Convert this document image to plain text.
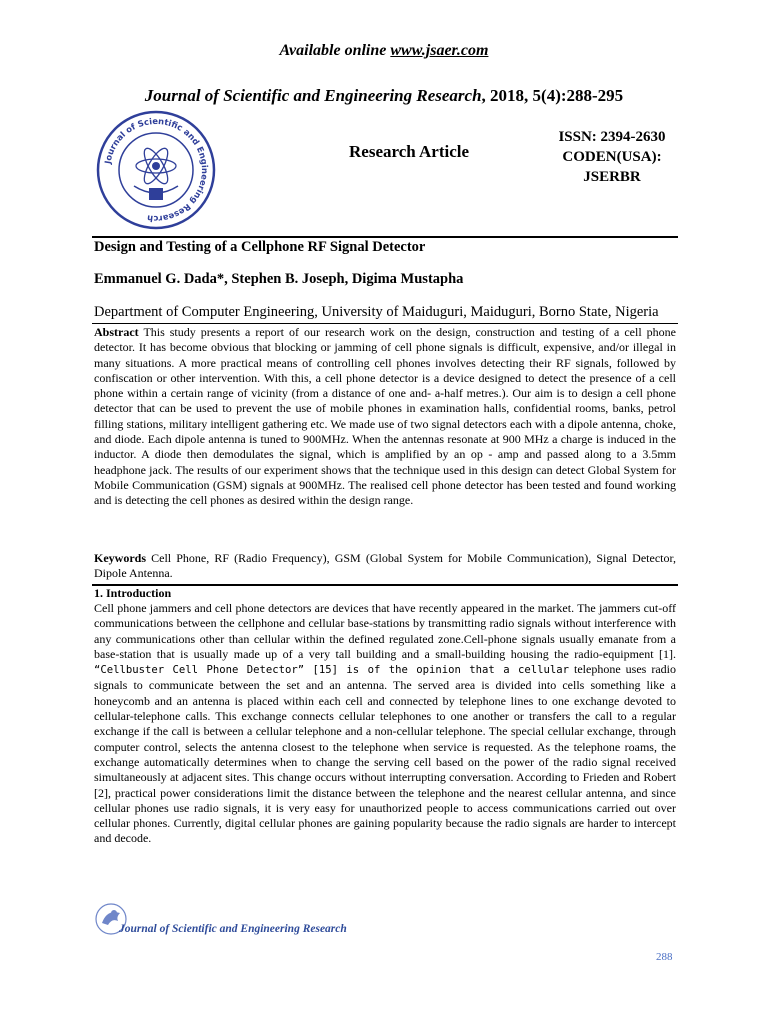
Available online www.jsaer.com
Journal of Scientific and Engineering Research, 2018, 5(4):288-295
Journal of Scientific and Engineering Research
Research Article
ISSN: 2394-2630
CODEN(USA): JSERBR
Design and Testing of a Cellphone RF Signal Detector
Emmanuel G. Dada*, Stephen B. Joseph, Digima Mustapha
Department of Computer Engineering, University of Maiduguri, Maiduguri, Borno State, Nigeria
Abstract This study presents a report of our research work on the design, construction and testing of a cell phone detector. It has become obvious that blocking or jamming of cell phone signals is difficult, expensive, and/or illegal in many situations. A more practical means of controlling cell phones involves detecting their RF signals, followed by confiscation or other intervention. With this, a cell phone detector is a device designed to detect the presence of a cell phone within a certain range of vicinity (from a distance of one and- a-half metres.). Our aim is to design a cell phone detector that can be used to prevent the use of mobile phones in examination halls, confidential rooms, banks, petrol filling stations, military intelligent gathering etc. We made use of two signal detectors each with a dipole antenna, choke, and diode. Each dipole antenna is tuned to 900MHz. When the antennas resonate at 900 MHz a charge is induced in the inductor. A diode then demodulates the signal, which is amplified by an op - amp and passed along to a 3.5mm headphone jack. The results of our experiment shows that the technique used in this design can detect Global System for Mobile Communication (GSM) signals at 900MHz. The realised cell phone detector has been tested and found working and is detecting the cell phones as desired within the design range.
Keywords Cell Phone, RF (Radio Frequency), GSM (Global System for Mobile Communication), Signal Detector, Dipole Antenna.
1. Introduction
Cell phone jammers and cell phone detectors are devices that have recently appeared in the market. The jammers cut-off communications between the cellphone and cellular base-stations by transmitting radio signals without interference with any communications other than cellular within the defined regulated zone.Cell-phone signals usually emanate from a base-station that is usually made up of a very tall building and a small-building housing the radio-equipment [1]. “Cellbuster Cell Phone Detector” [15] is of the opinion that a cellular telephone uses radio signals to communicate between the set and an antenna. The served area is divided into cells something like a honeycomb and an antenna is placed within each cell and connected by telephone lines to one exchange devoted to cellular-telephone calls. This exchange connects cellular telephones to one another or transfers the call to a regular exchange if the call is between a cellular telephone and a non-cellular telephone. The special cellular exchange, through computer control, selects the antenna closest to the telephone when service is requested. As the telephone roams, the exchange automatically determines when to change the serving cell based on the power of the radio signal received simultaneously at adjacent sites. This change occurs without interrupting conversation. According to Frieden and Robert [2], practical power considerations limit the distance between the telephone and the nearest cellular antenna, and since cellular phones use radio signals, it is very easy for unauthorized people to access communications carried out over cellular phones. Currently, digital cellular phones are gaining popularity because the radio signals are harder to intercept and decode.
Journal of Scientific and Engineering Research
288
